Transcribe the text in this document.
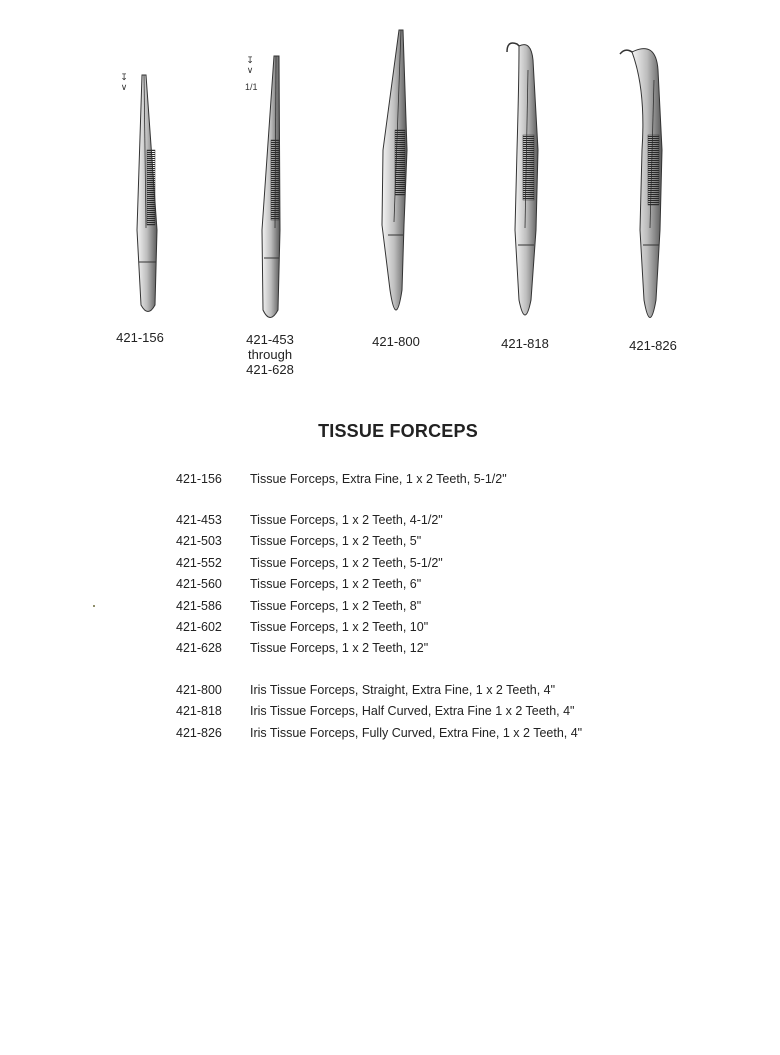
↧
∨
421-156
↧
∨
1/1
421-453
through
421-628
421-800	421-818	421-826
TISSUE FORCEPS
421-156	Tissue Forceps, Extra Fine, 1 x 2 Teeth, 5-1/2"
421-453	Tissue Forceps, 1 x 2 Teeth, 4-1/2"
421-503	Tissue Forceps, 1 x 2 Teeth, 5"
421-552	Tissue Forceps, 1 x 2 Teeth, 5-1/2"
421-560	Tissue Forceps, 1 x 2 Teeth, 6"
421-586	Tissue Forceps, 1 x 2 Teeth, 8"
421-602	Tissue Forceps, 1 x 2 Teeth, 10"
421-628	Tissue Forceps, 1 x 2 Teeth, 12"
421-800	Iris Tissue Forceps, Straight, Extra Fine, 1 x 2 Teeth, 4"
421-818	Iris Tissue Forceps, Half Curved, Extra Fine 1 x 2 Teeth, 4"
421-826	Iris Tissue Forceps, Fully Curved, Extra Fine, 1 x 2 Teeth, 4"
